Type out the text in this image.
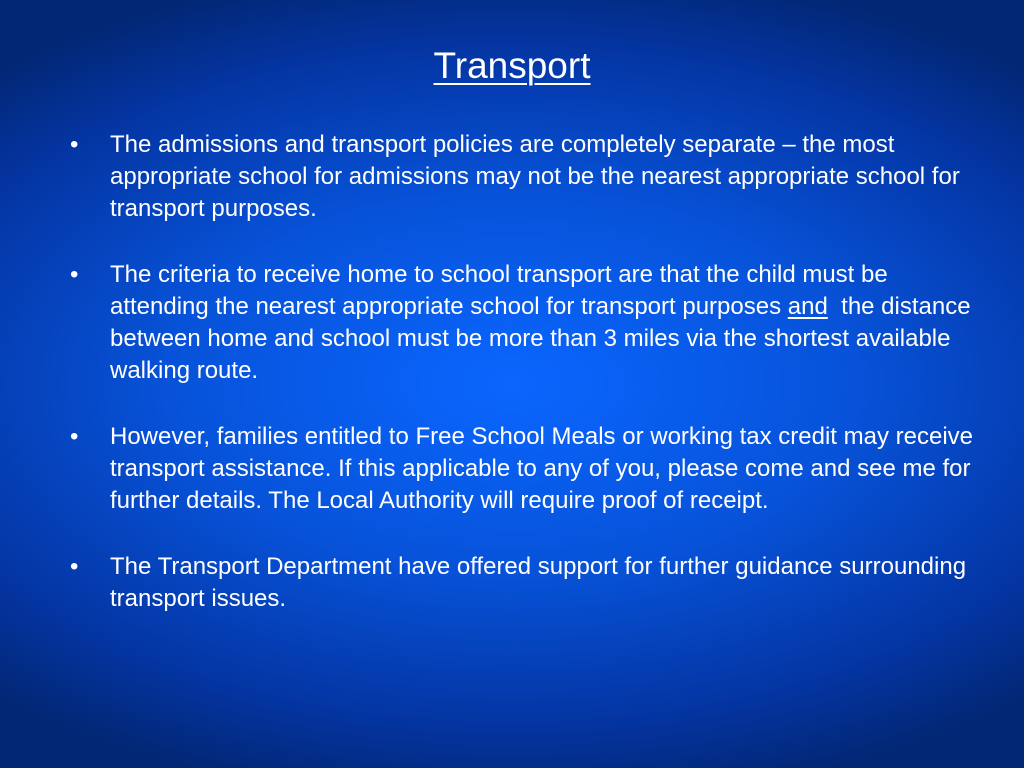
Transport
•	The admissions and transport policies are completely separate – the most appropriate school for admissions may not be the nearest appropriate school for transport purposes.
•	The criteria to receive home to school transport are that the child must be attending the nearest appropriate school for transport purposes and  the distance between home and school must be more than 3 miles via the shortest available walking route.
•	However, families entitled to Free School Meals or working tax credit may receive transport assistance. If this applicable to any of you, please come and see me for further details. The Local Authority will require proof of receipt.
•	The Transport Department have offered support for further guidance surrounding transport issues.
